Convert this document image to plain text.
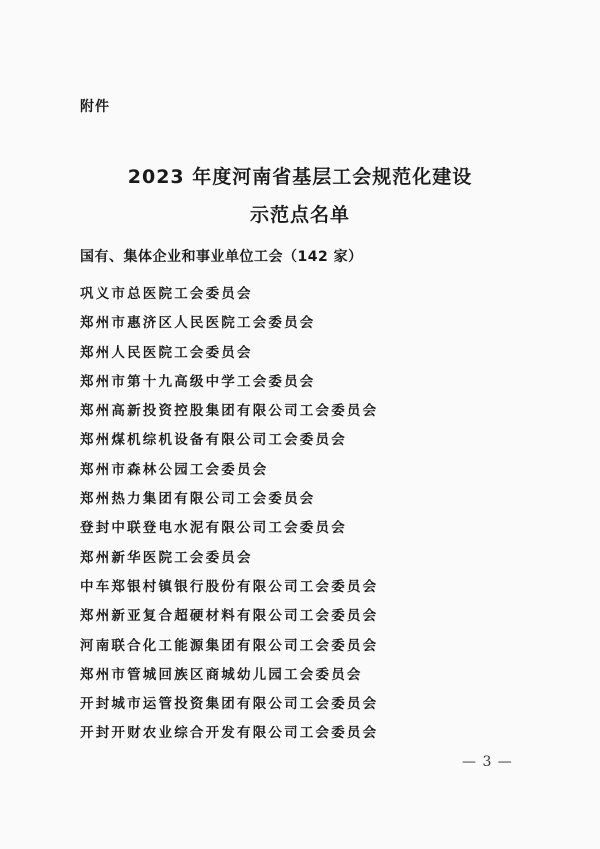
附件
2023 年度河南省基层工会规范化建设
示范点名单
国有、集体企业和事业单位工会（142 家）
巩义市总医院工会委员会
郑州市惠济区人民医院工会委员会
郑州人民医院工会委员会
郑州市第十九高级中学工会委员会
郑州高新投资控股集团有限公司工会委员会
郑州煤机综机设备有限公司工会委员会
郑州市森林公园工会委员会
郑州热力集团有限公司工会委员会
登封中联登电水泥有限公司工会委员会
郑州新华医院工会委员会
中车郑银村镇银行股份有限公司工会委员会
郑州新亚复合超硬材料有限公司工会委员会
河南联合化工能源集团有限公司工会委员会
郑州市管城回族区商城幼儿园工会委员会
开封城市运管投资集团有限公司工会委员会
开封开财农业综合开发有限公司工会委员会
— 3 —
